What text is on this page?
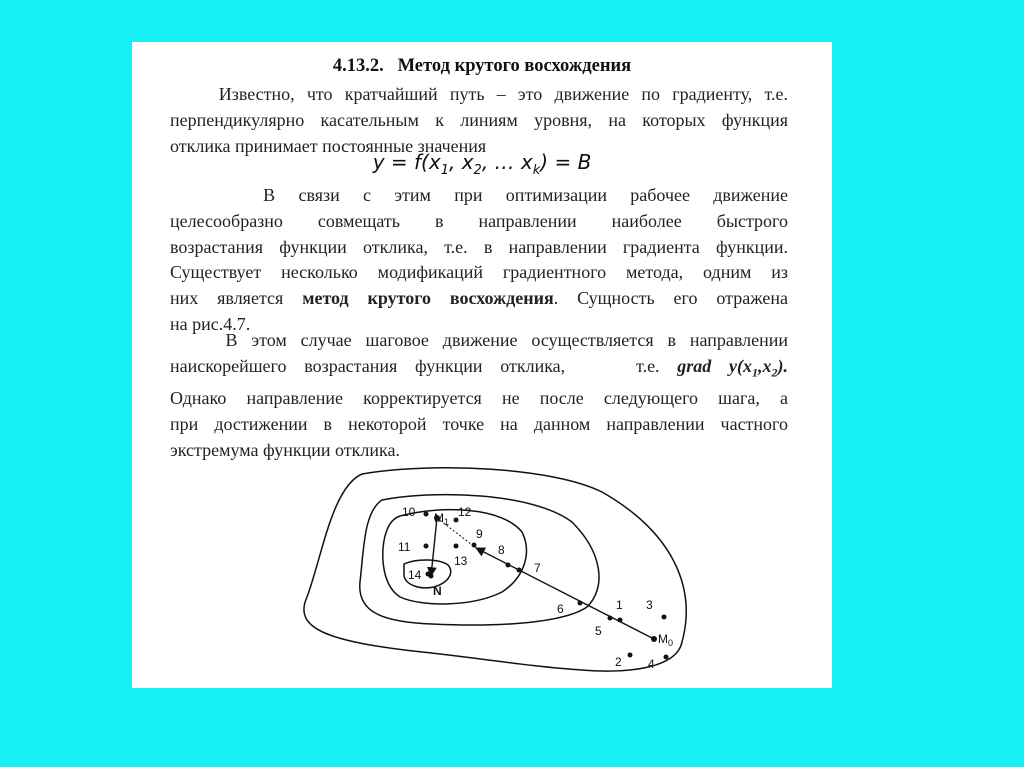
4.13.2. Метод крутого восхождения

Известно, что кратчайший путь – это движение по градиенту, т.е.

перпендикулярно касательным к линиям уровня, на которых функция

отклика принимает постоянные значения

$y = f(x_1$, $x_2$, … $x_k) = B$

В связи с этим при оптимизации рабочее движение

целесообразно совмещать в направлении наиболее быстрого

возрастания функции отклика, т.е. в направлении градиента функции.

Существует несколько модификаций градиентного метода, одним из

них является метод крутого восхождения. Сущность его отражена

на рис.4.7.

В этом случае шаговое движение осуществляется в направлении

наискорейшего возрастания функции отклика,    т.е. grad $y(x_1,x_2)$.

Однако направление корректируется не после следующего шага, а

при достижении в некоторой точке на данном направлении частного

экстремума функции отклика.

1
2
3
4
5
6
7
8
9
10
11
12
13
14
N
$M_1$
$M_0$
